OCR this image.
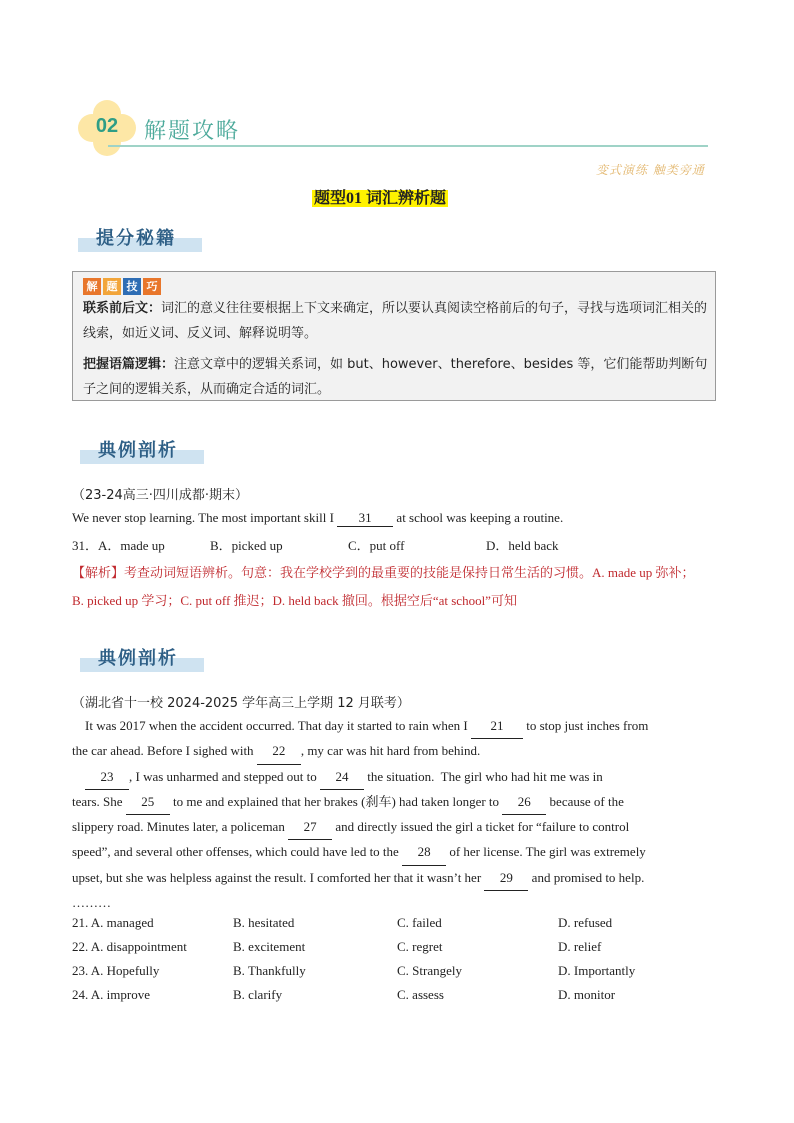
02	解题攻略
变式演练 触类旁通
题型01 词汇辨析题
提分秘籍
解 题 技 巧
联系前后文：词汇的意义往往要根据上下文来确定，所以要认真阅读空格前后的句子，寻找与选项词汇相关的线索，如近义词、反义词、解释说明等。
把握语篇逻辑：注意文章中的逻辑关系词，如 but、however、therefore、besides 等，它们能帮助判断句子之间的逻辑关系，从而确定合适的词汇。
典例剖析
（23-24高三·四川成都·期末）
We never stop learning. The most important skill I 31 at school was keeping a routine.
31．A．made up	B．picked up	C．put off	D．held back
【解析】考查动词短语辨析。句意：我在学校学到的最重要的技能是保持日常生活的习惯。A. made up 弥补；
B. picked up 学习；C. put off 推迟；D. held back 撤回。根据空后“at school”可知
典例剖析
（湖北省十一校 2024-2025 学年高三上学期 12 月联考）
It was 2017 when the accident occurred. That day it started to rain when I 21 to stop just inches from
the car ahead. Before I sighed with 22 , my car was hit hard from behind.
23 , I was unharmed and stepped out to 24 the situation.  The girl who had hit me was in
tears. She 25 to me and explained that her brakes (刹车) had taken longer to 26 because of the
slippery road. Minutes later, a policeman 27 and directly issued the girl a ticket for “failure to control
speed”, and several other offenses, which could have led to the 28 of her license. The girl was extremely
upset, but she was helpless against the result. I comforted her that it wasn’t her 29 and promised to help.
………
21. A. managed	B. hesitated	C. failed	D. refused
22. A. disappointment	B. excitement	C. regret	D. relief
23. A. Hopefully	B. Thankfully	C. Strangely	D. Importantly
24. A. improve	B. clarify	C. assess	D. monitor
